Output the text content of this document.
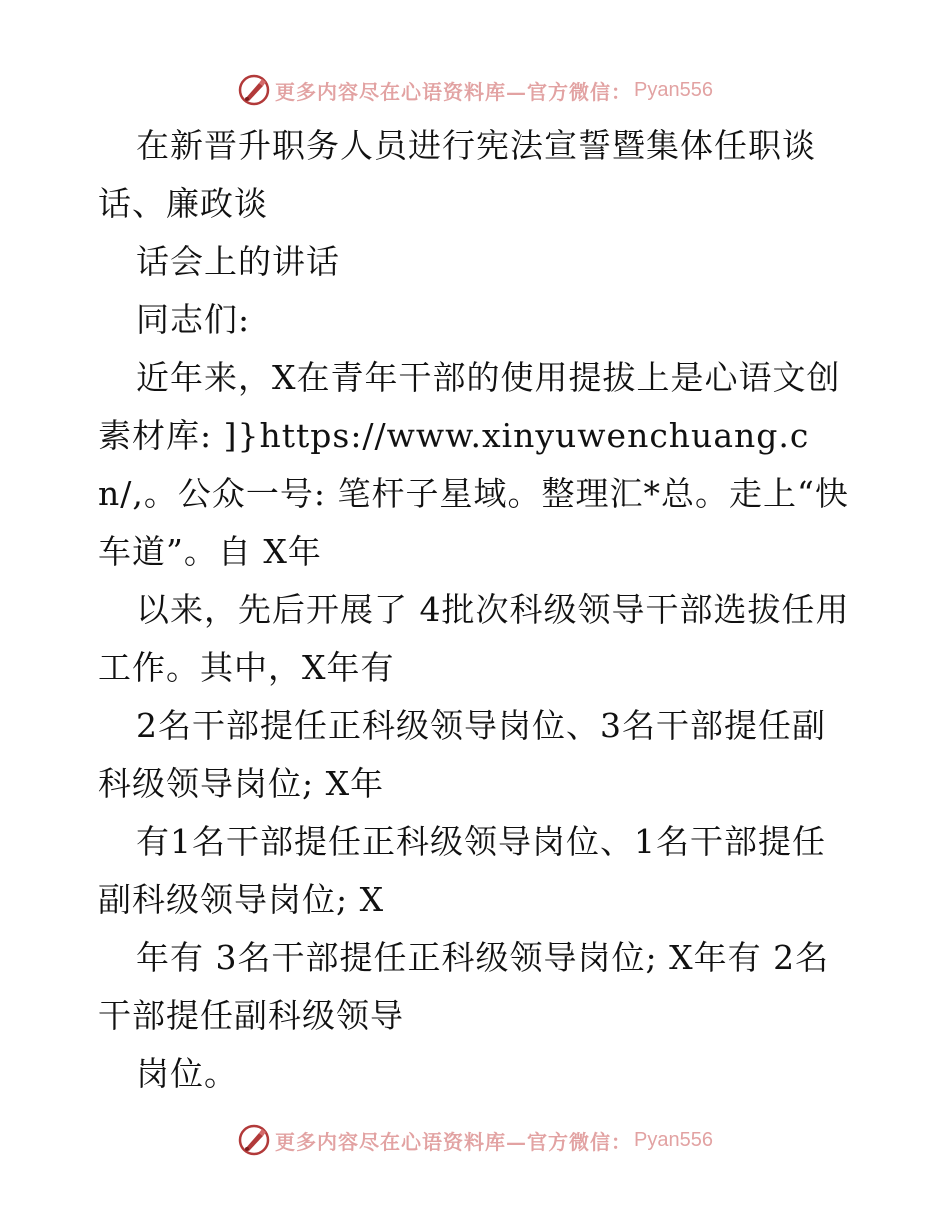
更多内容尽在心语资料库—官方微信： Pyan556

在新晋升职务人员进行宪法宣誓暨集体任职谈话、廉政谈

话会上的讲话

同志们:

近年来，X在青年干部的使用提拔上是心语文创素材库: ]}https://www.xinyuwenchuang.cn/,。公众一号: 笔杆子星域。整理汇*总。走上“快车道”。自 X年

以来，先后开展了 4批次科级领导干部选拔任用工作。其中，X年有

2名干部提任正科级领导岗位、3名干部提任副科级领导岗位; X年

有1名干部提任正科级领导岗位、1名干部提任副科级领导岗位; X

年有 3名干部提任正科级领导岗位; X年有 2名干部提任副科级领导

岗位。

更多内容尽在心语资料库—官方微信： Pyan556
